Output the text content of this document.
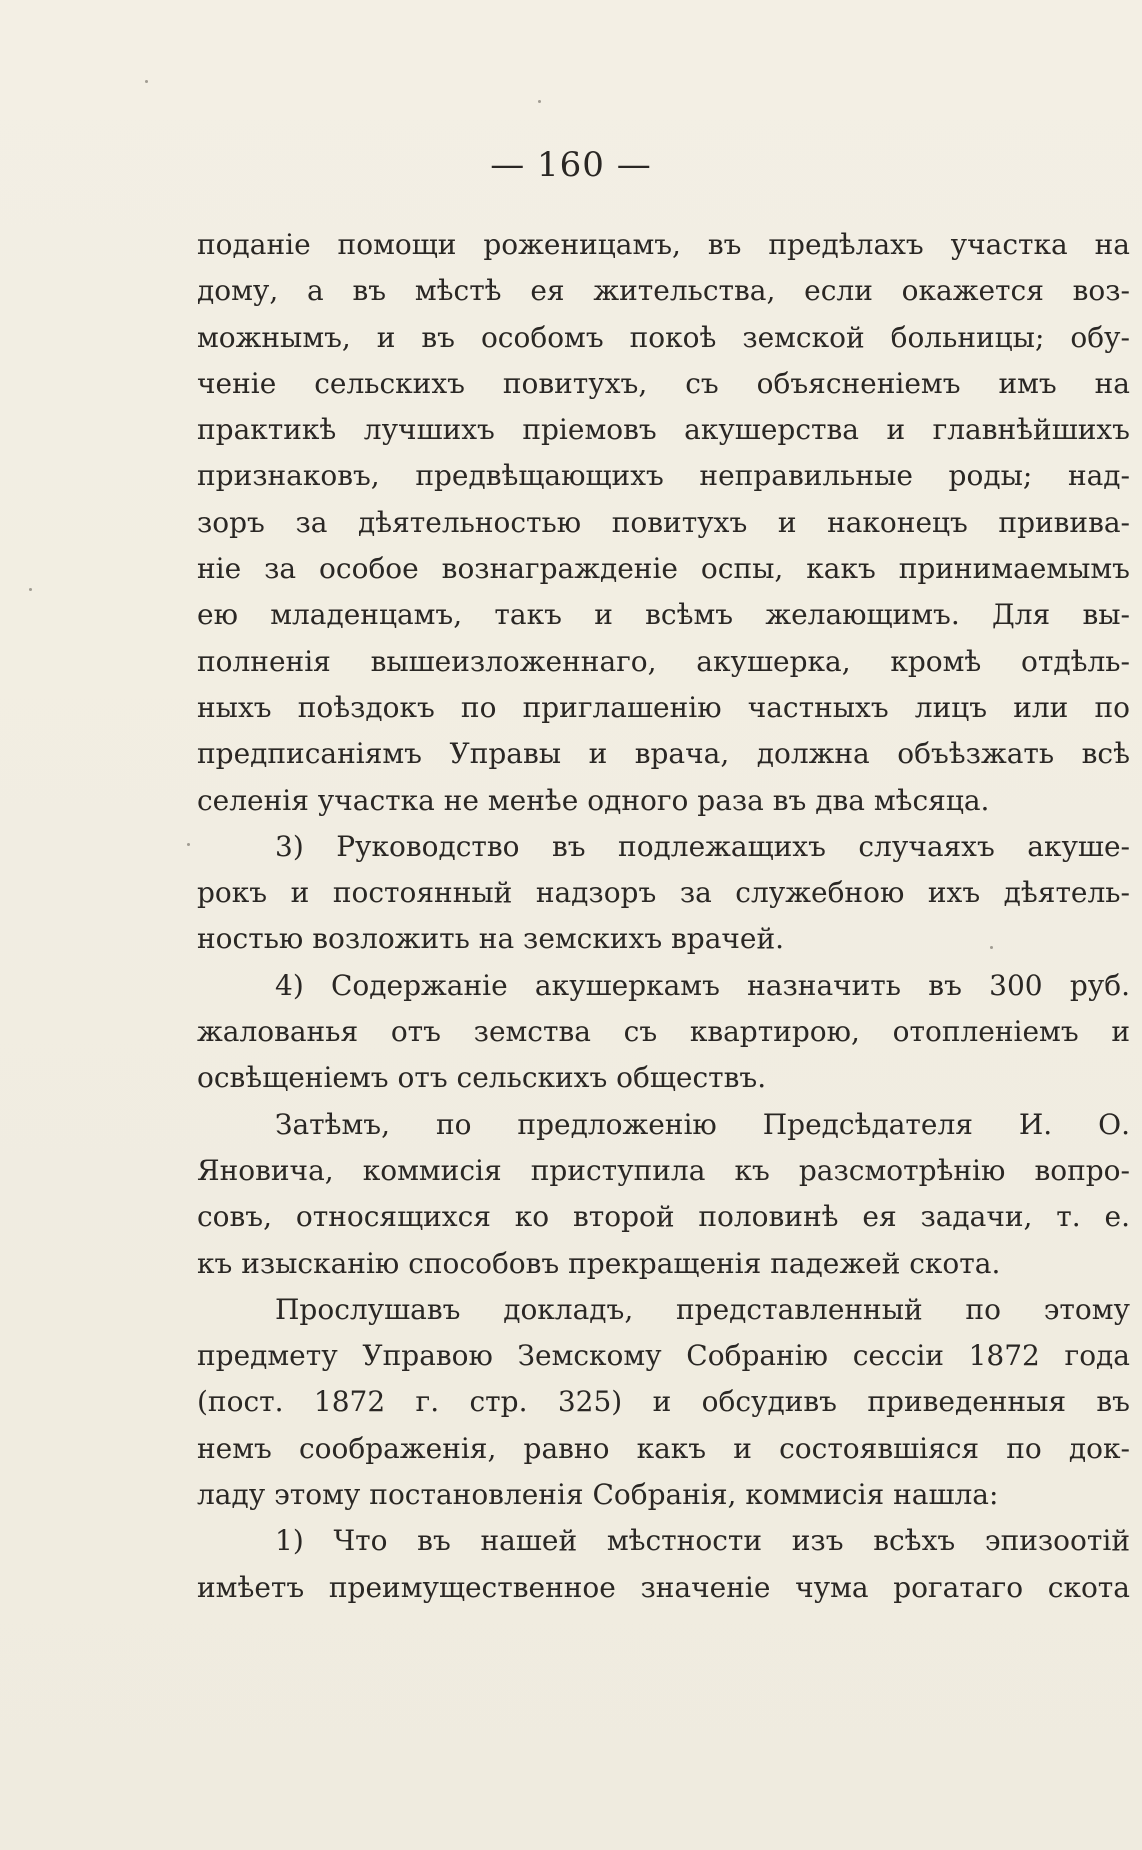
— 160 —
поданіе помощи роженицамъ, въ предѣлахъ участка на
дому, а въ мѣстѣ ея жительства, если окажется воз-
можнымъ, и въ особомъ покоѣ земской больницы; обу-
ченіе сельскихъ повитухъ, съ объясненіемъ имъ на
практикѣ лучшихъ пріемовъ акушерства и главнѣйшихъ
признаковъ, предвѣщающихъ неправильные роды; над-
зоръ за дѣятельностью повитухъ и наконецъ привива-
ніе за особое вознагражденіе оспы, какъ принимаемымъ
ею младенцамъ, такъ и всѣмъ желающимъ. Для вы-
полненія вышеизложеннаго, акушерка, кромѣ отдѣль-
ныхъ поѣздокъ по приглашенію частныхъ лицъ или по
предписаніямъ Управы и врача, должна объѣзжать всѣ
селенія участка не менѣе одного раза въ два мѣсяца.
3) Руководство въ подлежащихъ случаяхъ акуше-
рокъ и постоянный надзоръ за служебною ихъ дѣятель-
ностью возложить на земскихъ врачей.
4) Содержаніе акушеркамъ назначить въ 300 руб.
жалованья отъ земства съ квартирою, отопленіемъ и
освѣщеніемъ отъ сельскихъ обществъ.
Затѣмъ, по предложенію Предсѣдателя И. О.
Яновича, коммисія приступила къ разсмотрѣнію вопро-
совъ, относящихся ко второй половинѣ ея задачи, т. е.
къ изысканію способовъ прекращенія падежей скота.
Прослушавъ докладъ, представленный по этому
предмету Управою Земскому Собранію сессіи 1872 года
(пост. 1872 г. стр. 325) и обсудивъ приведенныя въ
немъ соображенія, равно какъ и состоявшіяся по док-
ладу этому постановленія Собранія, коммисія нашла:
1) Что въ нашей мѣстности изъ всѣхъ эпизоотій
имѣетъ преимущественное значеніе чума рогатаго скота
